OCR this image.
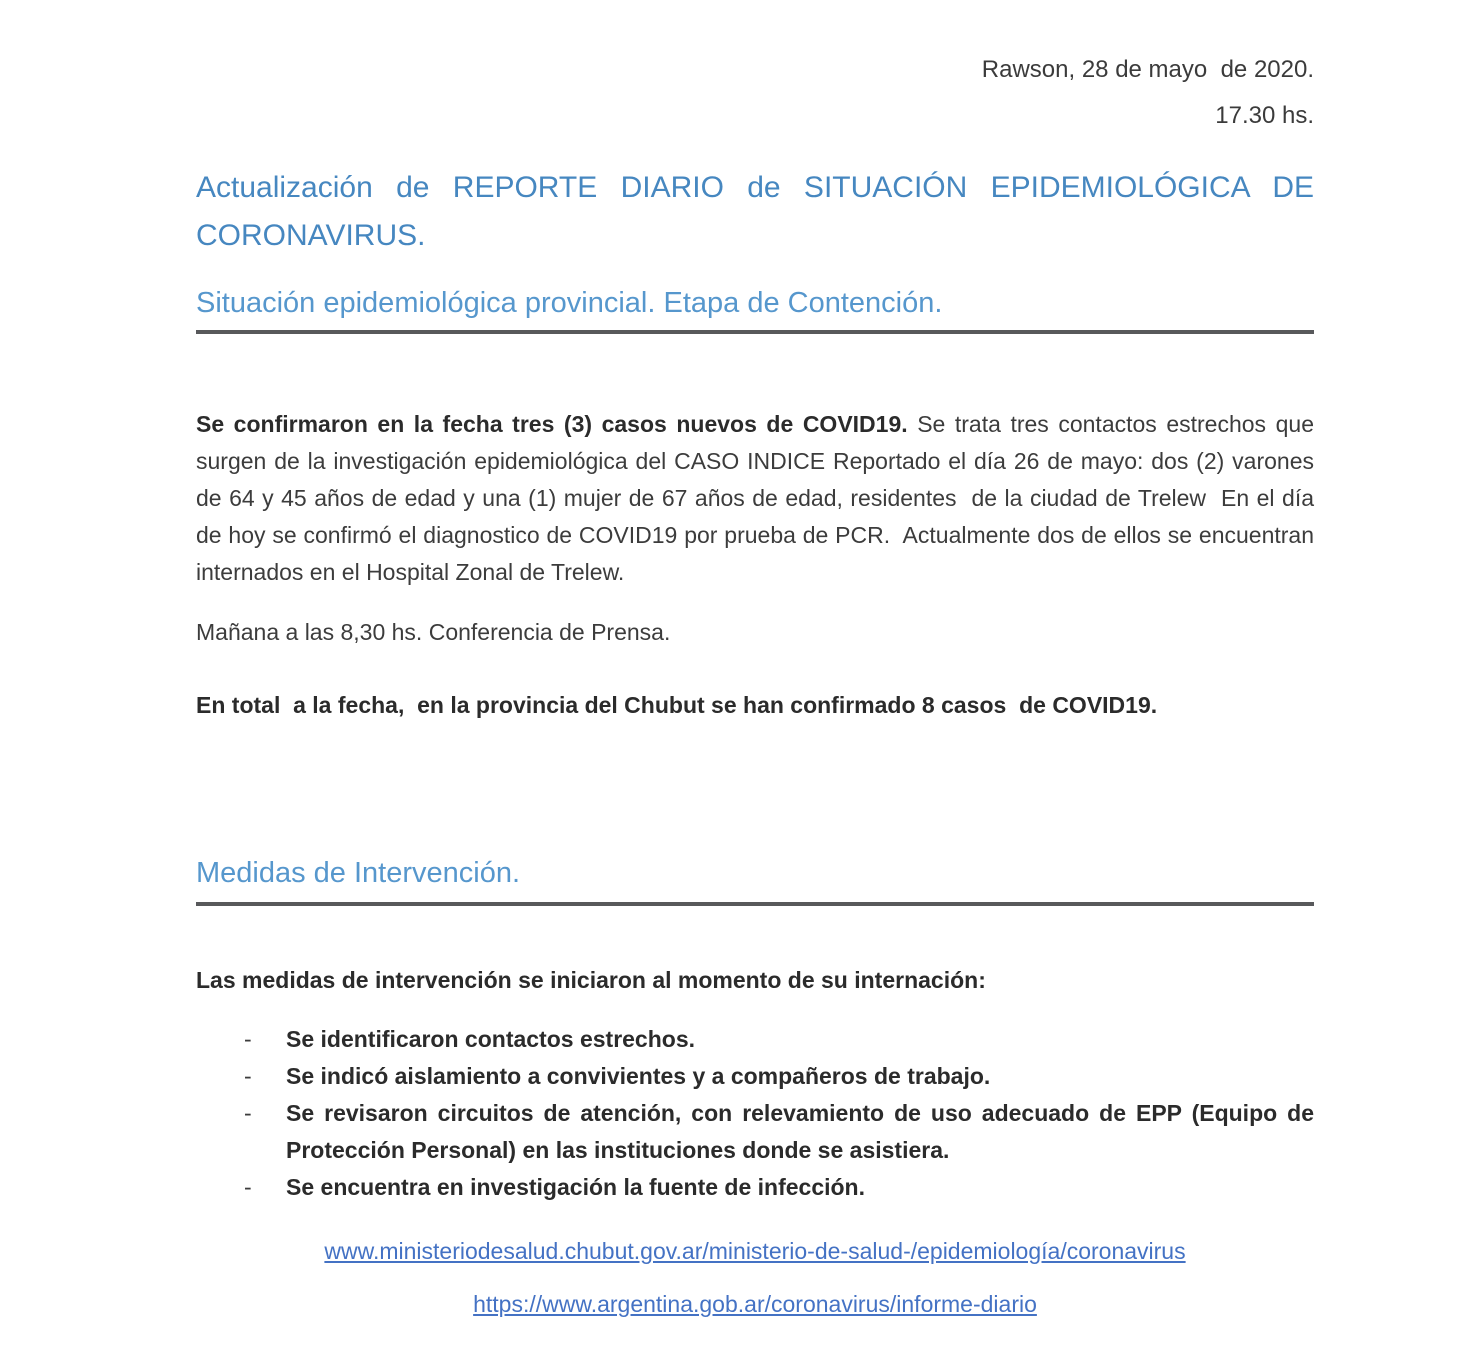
Rawson, 28 de mayo  de 2020.
17.30 hs.
Actualización de REPORTE DIARIO de SITUACIÓN EPIDEMIOLÓGICA DE CORONAVIRUS.
Situación epidemiológica provincial. Etapa de Contención.

Se confirmaron en la fecha tres (3) casos nuevos de COVID19. Se trata tres contactos estrechos que surgen de la investigación epidemiológica del CASO INDICE Reportado el día 26 de mayo: dos (2) varones de 64 y 45 años de edad y una (1) mujer de 67 años de edad, residentes  de la ciudad de Trelew  En el día de hoy se confirmó el diagnostico de COVID19 por prueba de PCR.  Actualmente dos de ellos se encuentran internados en el Hospital Zonal de Trelew.

Mañana a las 8,30 hs. Conferencia de Prensa.
En total  a la fecha,  en la provincia del Chubut se han confirmado 8 casos  de COVID19.
Medidas de Intervención.
Las medidas de intervención se iniciaron al momento de su internación:
-	Se identificaron contactos estrechos.
-	Se indicó aislamiento a convivientes y a compañeros de trabajo.
-	Se revisaron circuitos de atención, con relevamiento de uso adecuado de EPP (Equipo de Protección Personal) en las instituciones donde se asistiera.
-	Se encuentra en investigación la fuente de infección.
www.ministeriodesalud.chubut.gov.ar/ministerio-de-salud-/epidemiología/coronavirus
https://www.argentina.gob.ar/coronavirus/informe-diario
